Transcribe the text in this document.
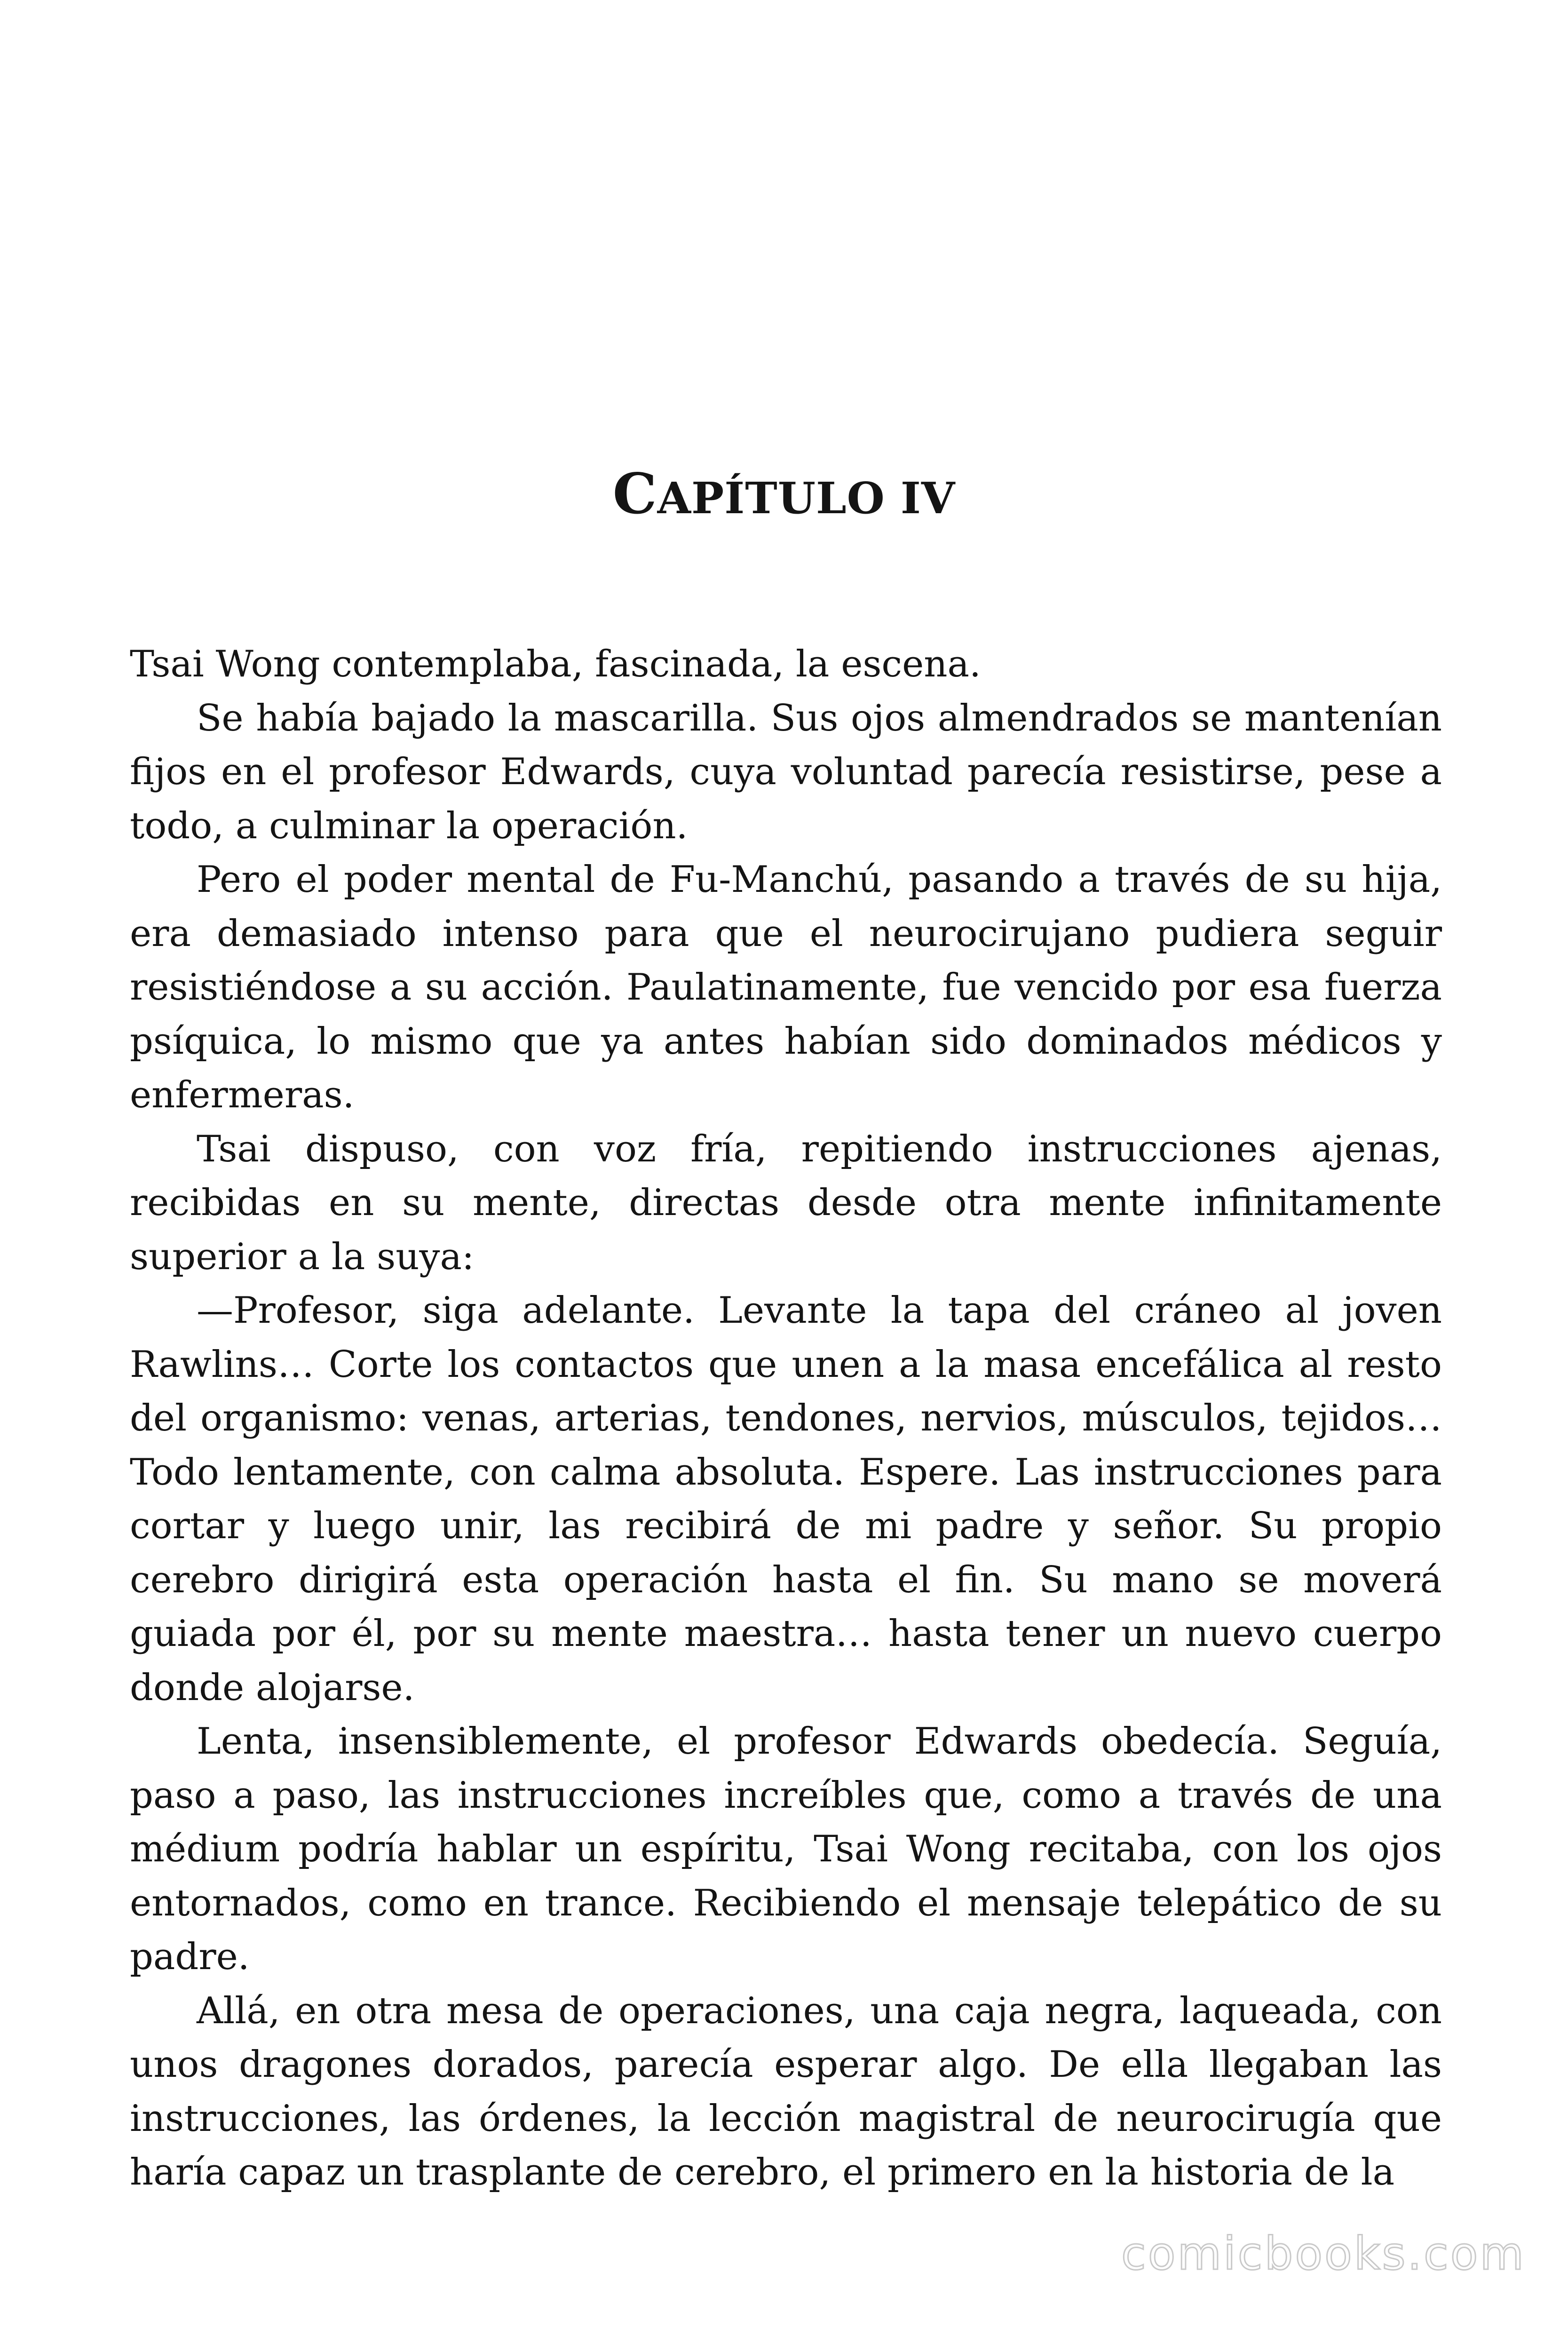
CAPÍTULO IV

Tsai Wong contemplaba, fascinada, la escena.

Se había bajado la mascarilla. Sus ojos almendrados se mantenían fijos en el profesor Edwards, cuya voluntad parecía resistirse, pese a todo, a culminar la operación.

Pero el poder mental de Fu-Manchú, pasando a través de su hija, era demasiado intenso para que el neurocirujano pudiera seguir resistiéndose a su acción. Paulatinamente, fue vencido por esa fuerza psíquica, lo mismo que ya antes habían sido dominados médicos y enfermeras.

Tsai dispuso, con voz fría, repitiendo instrucciones ajenas, recibidas en su mente, directas desde otra mente infinitamente superior a la suya:

—Profesor, siga adelante. Levante la tapa del cráneo al joven Rawlins… Corte los contactos que unen a la masa encefálica al resto del organismo: venas, arterias, tendones, nervios, músculos, tejidos… Todo lentamente, con calma absoluta. Espere. Las instrucciones para cortar y luego unir, las recibirá de mi padre y señor. Su propio cerebro dirigirá esta operación hasta el fin. Su mano se moverá guiada por él, por su mente maestra… hasta tener un nuevo cuerpo donde alojarse.

Lenta, insensiblemente, el profesor Edwards obedecía. Seguía, paso a paso, las instrucciones increíbles que, como a través de una médium podría hablar un espíritu, Tsai Wong recitaba, con los ojos entornados, como en trance. Recibiendo el mensaje telepático de su padre.

Allá, en otra mesa de operaciones, una caja negra, laqueada, con unos dragones dorados, parecía esperar algo. De ella llegaban las instrucciones, las órdenes, la lección magistral de neurocirugía que haría capaz un trasplante de cerebro, el primero en la historia de la

comicbooks.com
